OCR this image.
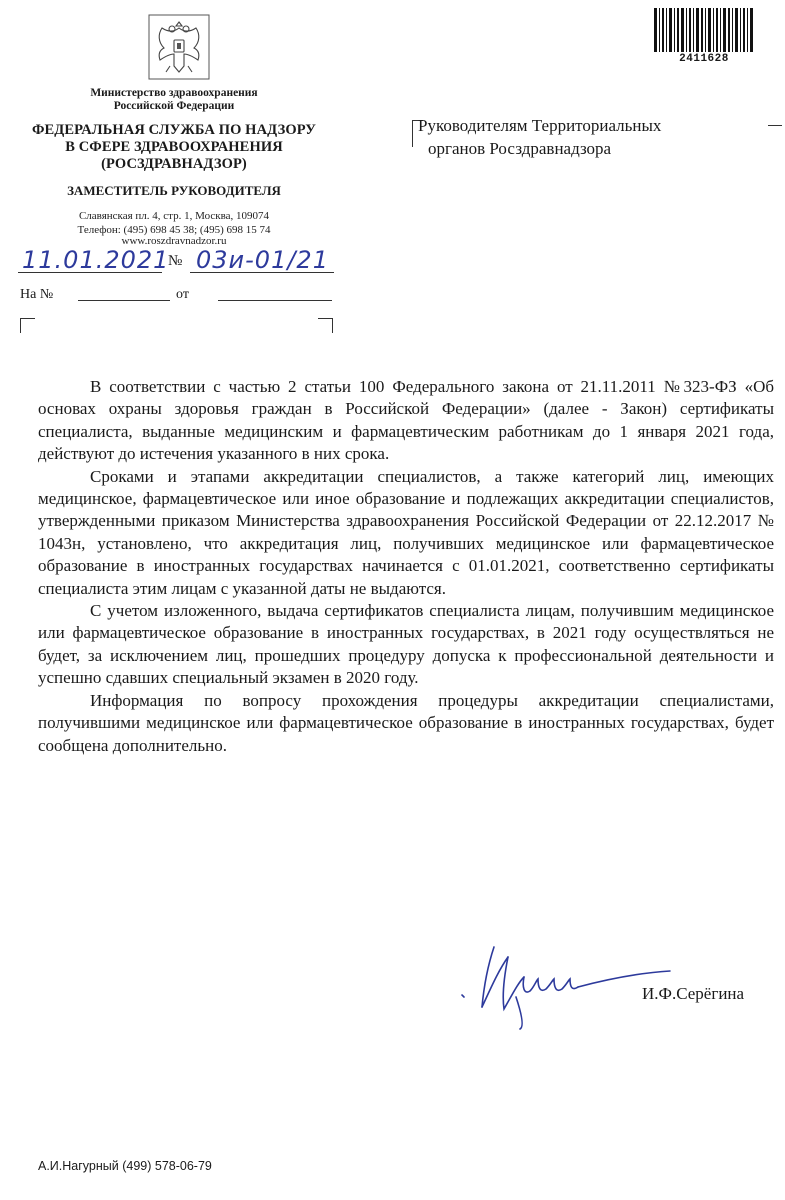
Министерство здравоохранения
Российской Федерации
ФЕДЕРАЛЬНАЯ СЛУЖБА ПО НАДЗОРУ
В СФЕРЕ ЗДРАВООХРАНЕНИЯ
(РОСЗДРАВНАДЗОР)
ЗАМЕСТИТЕЛЬ РУКОВОДИТЕЛЯ
Славянская пл. 4, стр. 1, Москва, 109074
Телефон: (495) 698 45 38; (495) 698 15 74
www.roszdravnadzor.ru
11.01.2021
№ 03и-01/21
На №	от
2411628
Руководителям Территориальных
органов Росздравнадзора

В соответствии с частью 2 статьи 100 Федерального закона от 21.11.2011 №323-ФЗ «Об основах охраны здоровья граждан в Российской Федерации» (далее - Закон) сертификаты специалиста, выданные медицинским и фармацевтическим работникам до 1 января 2021 года, действуют до истечения указанного в них срока.

Сроками и этапами аккредитации специалистов, а также категорий лиц, имеющих медицинское, фармацевтическое или иное образование и подлежащих аккредитации специалистов, утвержденными приказом Министерства здравоохранения Российской Федерации от 22.12.2017 № 1043н, установлено, что аккредитация лиц, получивших медицинское или фармацевтическое образование в иностранных государствах начинается с 01.01.2021, соответственно сертификаты специалиста этим лицам с указанной даты не выдаются.

С учетом изложенного, выдача сертификатов специалиста лицам, получившим медицинское или фармацевтическое образование в иностранных государствах, в 2021 году осуществляться не будет, за исключением лиц, прошедших процедуру допуска к профессиональной деятельности и успешно сдавших специальный экзамен в 2020 году.

Информация по вопросу прохождения процедуры аккредитации специалистами, получившими медицинское или фармацевтическое образование в иностранных государствах, будет сообщена дополнительно.

И.Ф.Серёгина
А.И.Нагурный (499) 578-06-79
